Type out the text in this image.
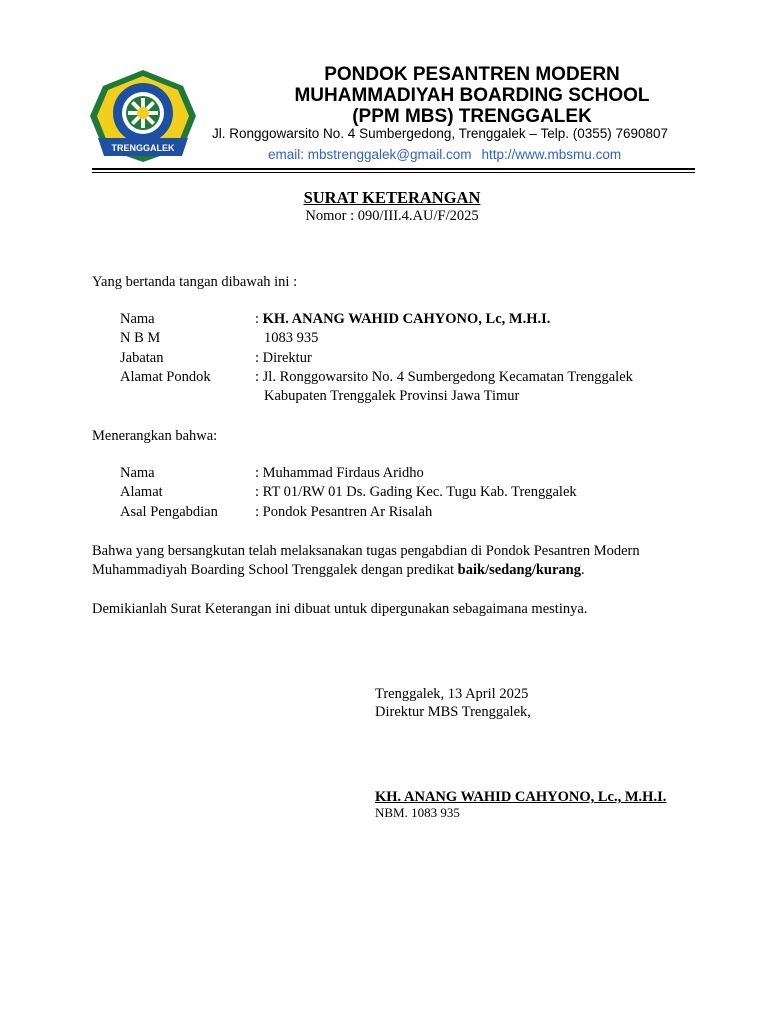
TRENGGALEK
PONDOK PESANTREN MODERN
MUHAMMADIYAH BOARDING SCHOOL
(PPM MBS) TRENGGALEK
Jl. Ronggowarsito No. 4 Sumbergedong, Trenggalek – Telp. (0355) 7690807
email: mbstrenggalek@gmail.com http://www.mbsmu.com
SURAT KETERANGAN
Nomor : 090/III.4.AU/F/2025
Yang bertanda tangan dibawah ini :
Nama	: KH. ANANG WAHID CAHYONO, Lc, M.H.I.
N B M	1083 935
Jabatan	: Direktur
Alamat Pondok	: Jl. Ronggowarsito No. 4 Sumbergedong Kecamatan Trenggalek
Kabupaten Trenggalek Provinsi Jawa Timur
Menerangkan bahwa:
Nama	: Muhammad Firdaus Aridho
Alamat	: RT 01/RW 01 Ds. Gading Kec. Tugu Kab. Trenggalek
Asal Pengabdian	: Pondok Pesantren Ar Risalah
Bahwa yang bersangkutan telah melaksanakan tugas pengabdian di Pondok Pesantren Modern
Muhammadiyah Boarding School Trenggalek dengan predikat baik/sedang/kurang.
Demikianlah Surat Keterangan ini dibuat untuk dipergunakan sebagaimana mestinya.
Trenggalek, 13 April 2025
Direktur MBS Trenggalek,
KH. ANANG WAHID CAHYONO, Lc., M.H.I.
NBM. 1083 935
